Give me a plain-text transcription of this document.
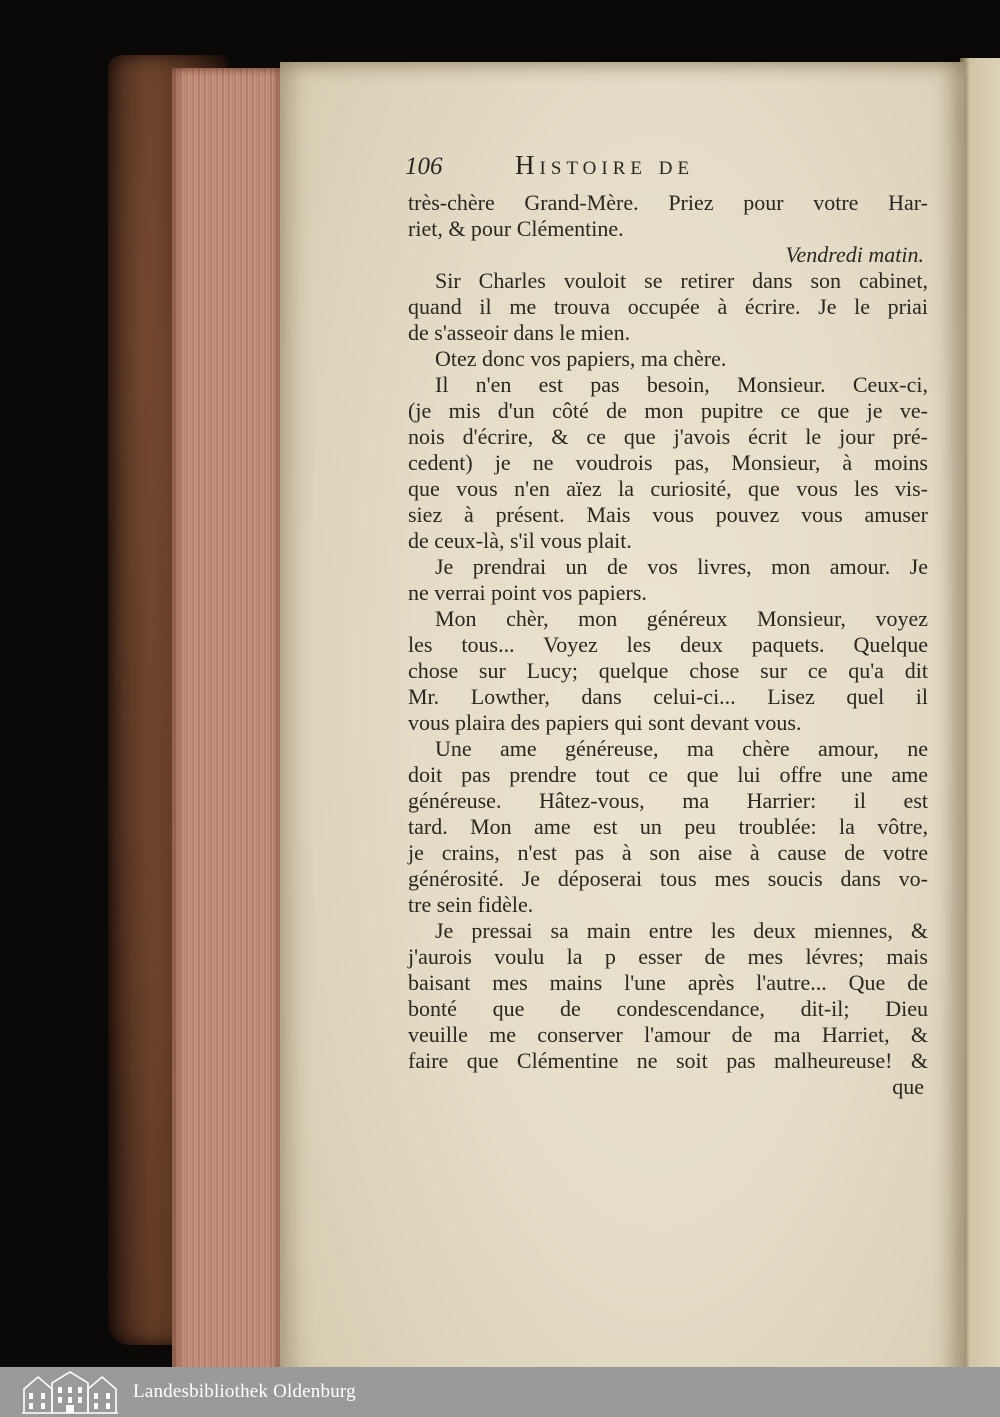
106	Histoire de
très-chère Grand-Mère. Priez pour votre Har-
riet, & pour Clémentine.
Vendredi matin.
Sir Charles vouloit se retirer dans son cabinet,
quand il me trouva occupée à écrire. Je le priai
de s'asseoir dans le mien.
Otez donc vos papiers, ma chère.
Il n'en est pas besoin, Monsieur. Ceux-ci,
(je mis d'un côté de mon pupitre ce que je ve-
nois d'écrire, & ce que j'avois écrit le jour pré-
cedent) je ne voudrois pas, Monsieur, à moins
que vous n'en aïez la curiosité, que vous les vis-
siez à présent. Mais vous pouvez vous amuser
de ceux-là, s'il vous plait.
Je prendrai un de vos livres, mon amour. Je
ne verrai point vos papiers.
Mon chèr, mon généreux Monsieur, voyez
les tous... Voyez les deux paquets. Quelque
chose sur Lucy; quelque chose sur ce qu'a dit
Mr. Lowther, dans celui-ci... Lisez quel il
vous plaira des papiers qui sont devant vous.
Une ame généreuse, ma chère amour, ne
doit pas prendre tout ce que lui offre une ame
généreuse. Hâtez-vous, ma Harrier: il est
tard. Mon ame est un peu troublée: la vôtre,
je crains, n'est pas à son aise à cause de votre
générosité. Je déposerai tous mes soucis dans vo-
tre sein fidèle.
Je pressai sa main entre les deux miennes, &
j'aurois voulu la p esser de mes lévres; mais
baisant mes mains l'une après l'autre... Que de
bonté que de condescendance, dit-il; Dieu
veuille me conserver l'amour de ma Harriet, &
faire que Clémentine ne soit pas malheureuse! &
que
Landesbibliothek Oldenburg
